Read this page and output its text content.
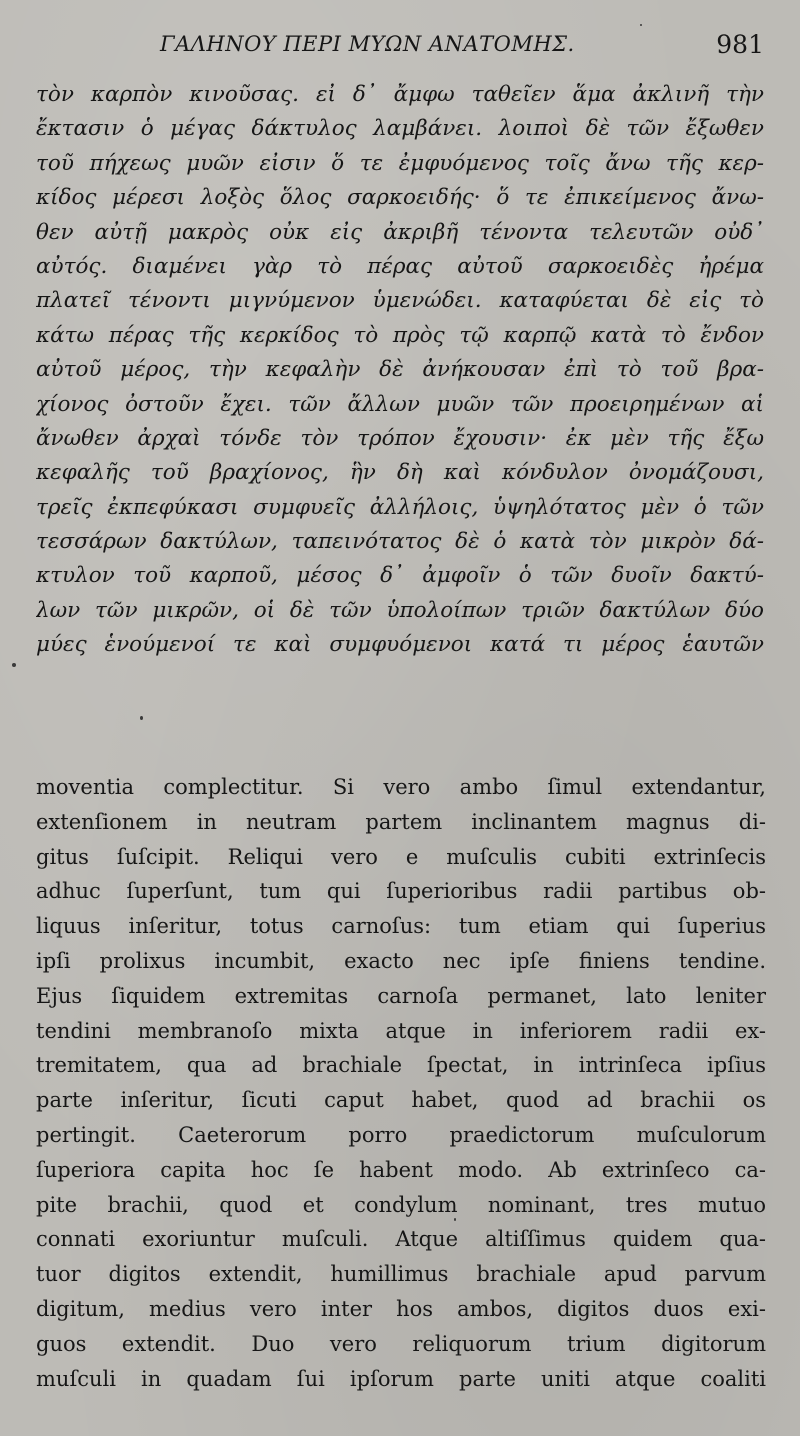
ΓΑΛΗΝΟΥ ΠΕΡΙ ΜΥΩΝ ΑΝΑΤΟΜΗΣ.	981
τὸν καρπὸν κινοῦσας. εἰ δ᾽ ἄμφω ταθεῖεν ἅμα ἀκλινῆ τὴν
ἔκτασιν ὁ μέγας δάκτυλος λαμβάνει. λοιποὶ δὲ τῶν ἔξωθεν
τοῦ πήχεως μυῶν εἰσιν ὅ τε ἐμφυόμενος τοῖς ἄνω τῆς κερ-
κίδος μέρεσι λοξὸς ὅλος σαρκοειδής· ὅ τε ἐπικείμενος ἄνω-
θεν αὐτῇ μακρὸς οὐκ εἰς ἀκριβῆ τένοντα τελευτῶν οὐδ᾽
αὐτός. διαμένει γὰρ τὸ πέρας αὐτοῦ σαρκοειδὲς ἠρέμα
πλατεῖ τένοντι μιγνύμενον ὑμενώδει. καταφύεται δὲ εἰς τὸ
κάτω πέρας τῆς κερκίδος τὸ πρὸς τῷ καρπῷ κατὰ τὸ ἔνδον
αὐτοῦ μέρος, τὴν κεφαλὴν δὲ ἀνήκουσαν ἐπὶ τὸ τοῦ βρα-
χίονος ὀστοῦν ἔχει. τῶν ἄλλων μυῶν τῶν προειρημένων αἱ
ἄνωθεν ἀρχαὶ τόνδε τὸν τρόπον ἔχουσιν· ἐκ μὲν τῆς ἔξω
κεφαλῆς τοῦ βραχίονος, ἣν δὴ καὶ κόνδυλον ὀνομάζουσι,
τρεῖς ἐκπεφύκασι συμφυεῖς ἀλλήλοις, ὑψηλότατος μὲν ὁ τῶν
τεσσάρων δακτύλων, ταπεινότατος δὲ ὁ κατὰ τὸν μικρὸν δά-
κτυλον τοῦ καρποῦ, μέσος δ᾽ ἀμφοῖν ὁ τῶν δυοῖν δακτύ-
λων τῶν μικρῶν, οἱ δὲ τῶν ὑπολοίπων τριῶν δακτύλων δύο
μύες ἑνούμενοί τε καὶ συμφυόμενοι κατά τι μέρος ἑαυτῶν
moventia complectitur. Si vero ambo ſimul extendantur,
extenſionem in neutram partem inclinantem magnus di-
gitus ſuſcipit. Reliqui vero e muſculis cubiti extrinſecis
adhuc ſuperſunt, tum qui ſuperioribus radii partibus ob-
liquus inſeritur, totus carnoſus: tum etiam qui ſuperius
ipſi prolixus incumbit, exacto nec ipſe finiens tendine.
Ejus ſiquidem extremitas carnoſa permanet, lato leniter
tendini membranoſo mixta atque in inferiorem radii ex-
tremitatem, qua ad brachiale ſpectat, in intrinſeca ipſius
parte inſeritur, ſicuti caput habet, quod ad brachii os
pertingit. Caeterorum porro praedictorum muſculorum
ſuperiora capita hoc ſe habent modo. Ab extrinſeco ca-
pite brachii, quod et condylum nominant, tres mutuo
connati exoriuntur muſculi. Atque altiſſimus quidem qua-
tuor digitos extendit, humillimus brachiale apud parvum
digitum, medius vero inter hos ambos, digitos duos exi-
guos extendit. Duo vero reliquorum trium digitorum
muſculi in quadam ſui ipſorum parte uniti atque coaliti
